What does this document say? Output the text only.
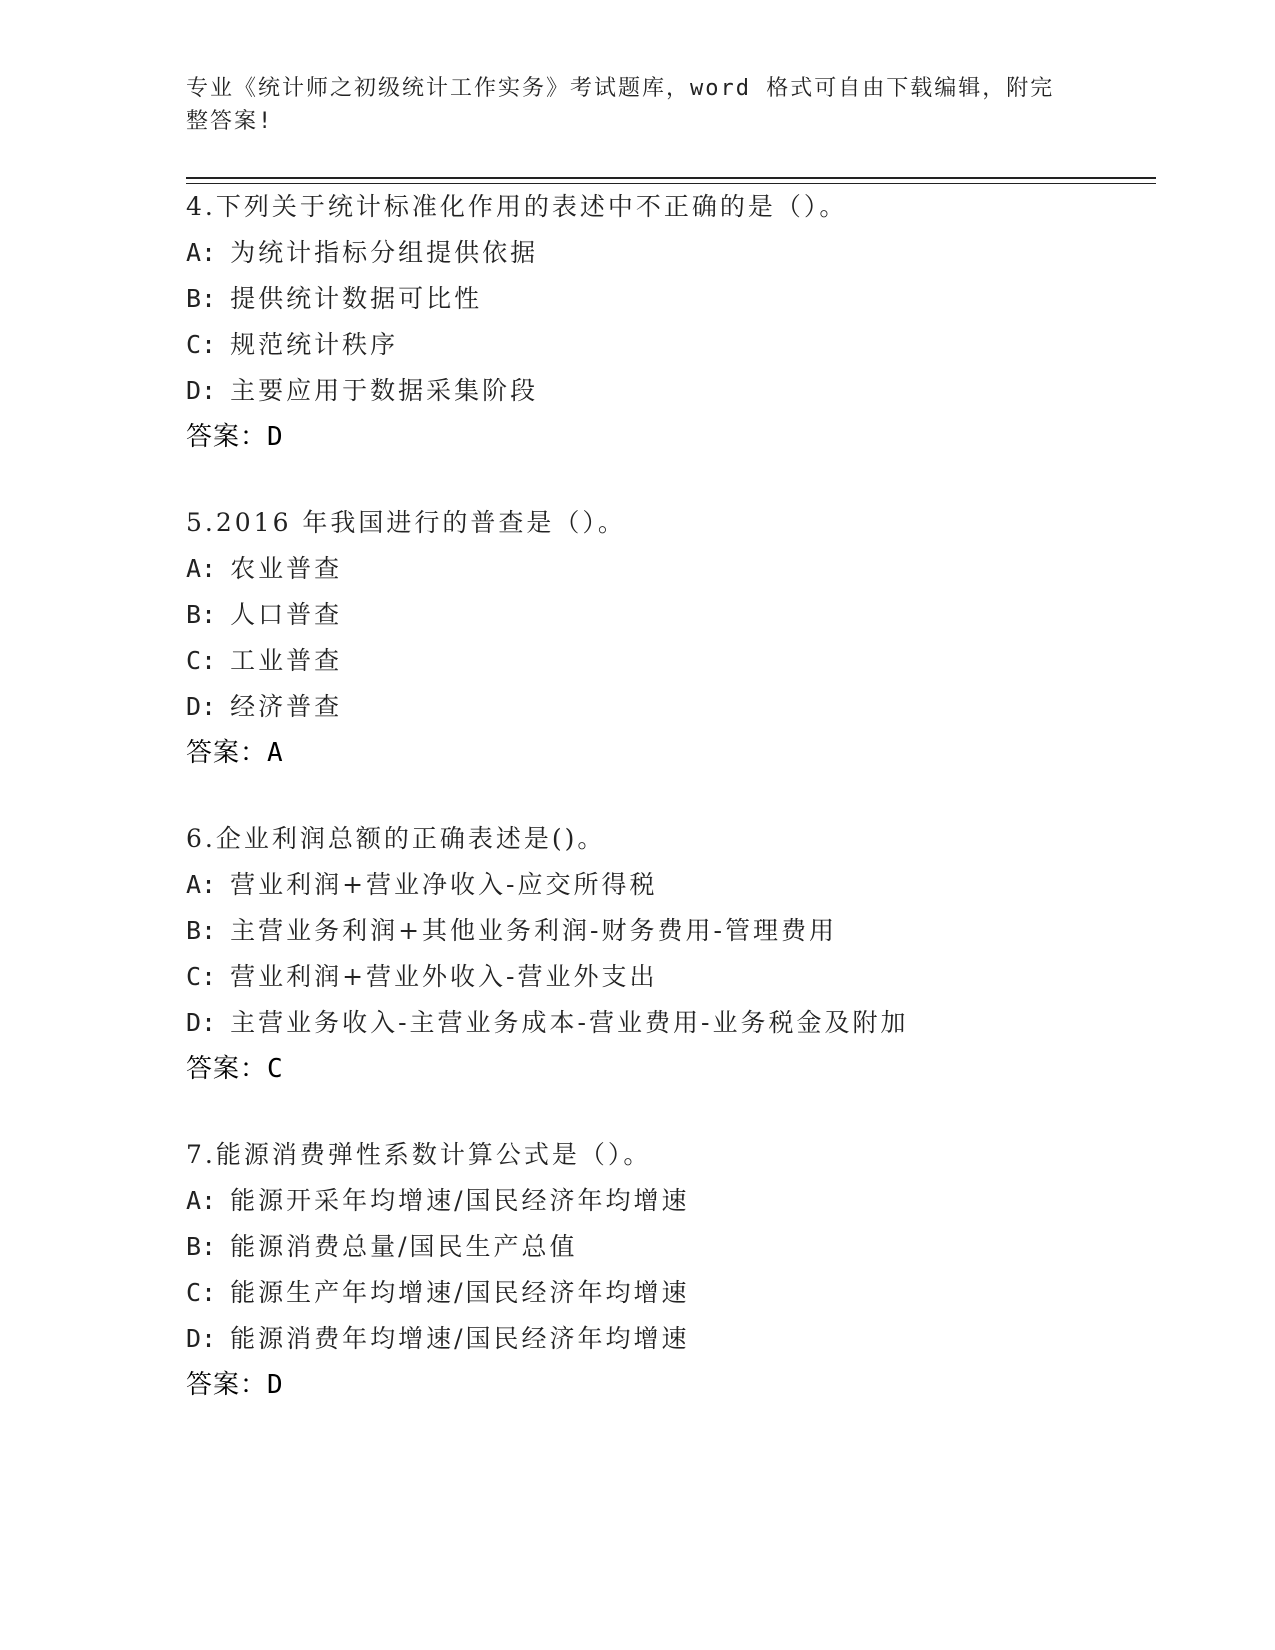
专业《统计师之初级统计工作实务》考试题库，word 格式可自由下载编辑，附完
整答案!
4.下列关于统计标准化作用的表述中不正确的是（）。
A: 为统计指标分组提供依据
B: 提供统计数据可比性
C: 规范统计秩序
D: 主要应用于数据采集阶段
答案：D
5.2016 年我国进行的普查是（）。
A: 农业普查
B: 人口普查
C: 工业普查
D: 经济普查
答案：A
6.企业利润总额的正确表述是()。
A: 营业利润+营业净收入-应交所得税
B: 主营业务利润+其他业务利润-财务费用-管理费用
C: 营业利润+营业外收入-营业外支出
D: 主营业务收入-主营业务成本-营业费用-业务税金及附加
答案：C
7.能源消费弹性系数计算公式是（）。
A: 能源开采年均增速/国民经济年均增速
B: 能源消费总量/国民生产总值
C: 能源生产年均增速/国民经济年均增速
D: 能源消费年均增速/国民经济年均增速
答案：D
